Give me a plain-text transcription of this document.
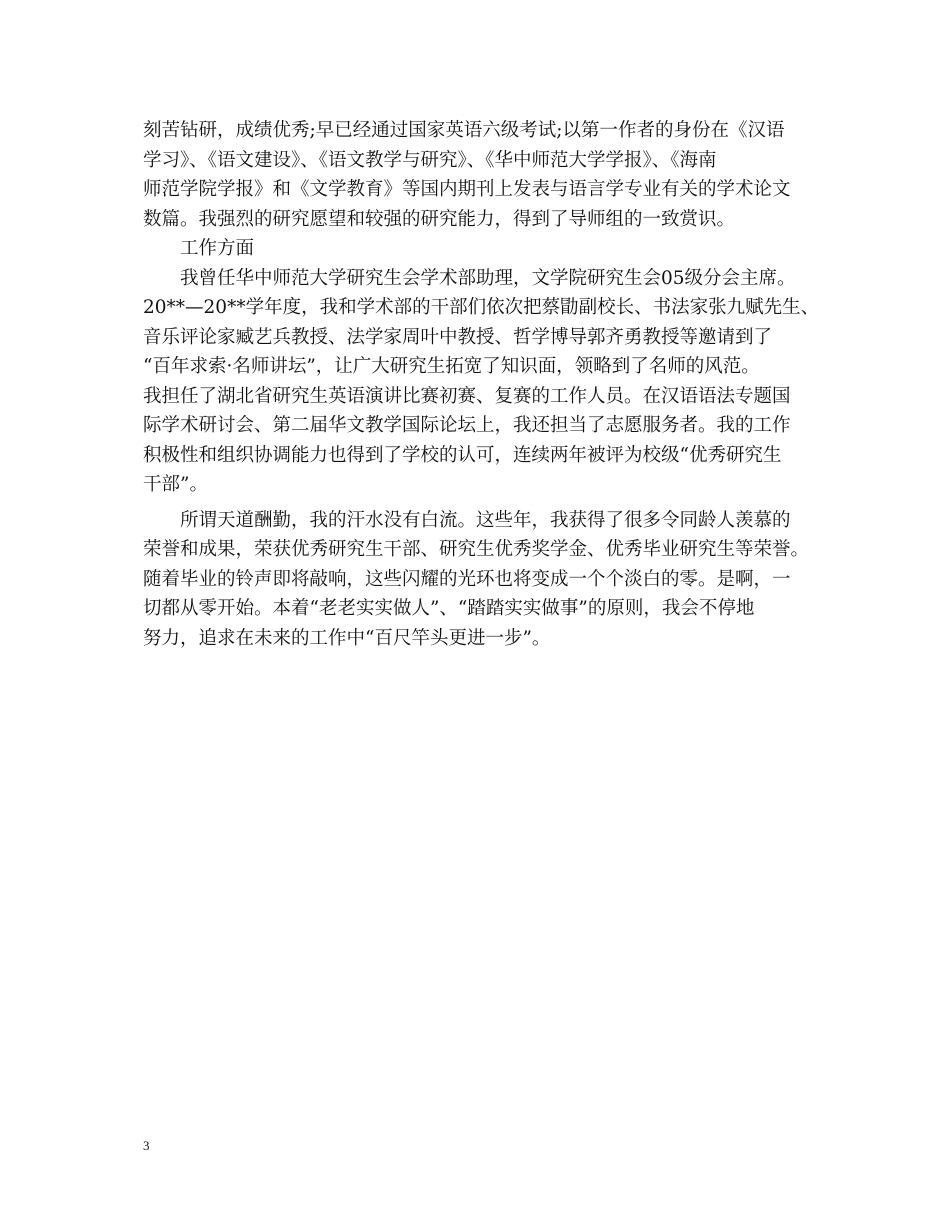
刻苦钻研，成绩优秀;早已经通过国家英语六级考试;以第一作者的身份在《汉语

学习》、《语文建设》、《语文教学与研究》、《华中师范大学学报》、《海南

师范学院学报》和《文学教育》等国内期刊上发表与语言学专业有关的学术论文

数篇。我强烈的研究愿望和较强的研究能力，得到了导师组的一致赏识。

工作方面

我曾任华中师范大学研究生会学术部助理，文学院研究生会05级分会主席。

20**—20**学年度，我和学术部的干部们依次把蔡勖副校长、书法家张九赋先生、

音乐评论家臧艺兵教授、法学家周叶中教授、哲学博导郭齐勇教授等邀请到了

“百年求索·名师讲坛”，让广大研究生拓宽了知识面，领略到了名师的风范。

我担任了湖北省研究生英语演讲比赛初赛、复赛的工作人员。在汉语语法专题国

际学术研讨会、第二届华文教学国际论坛上，我还担当了志愿服务者。我的工作

积极性和组织协调能力也得到了学校的认可，连续两年被评为校级“优秀研究生

干部”。

所谓天道酬勤，我的汗水没有白流。这些年，我获得了很多令同龄人羡慕的

荣誉和成果，荣获优秀研究生干部、研究生优秀奖学金、优秀毕业研究生等荣誉。

随着毕业的铃声即将敲响，这些闪耀的光环也将变成一个个淡白的零。是啊，一

切都从零开始。本着“老老实实做人”、“踏踏实实做事”的原则，我会不停地

努力，追求在未来的工作中“百尺竿头更进一步”。

3
